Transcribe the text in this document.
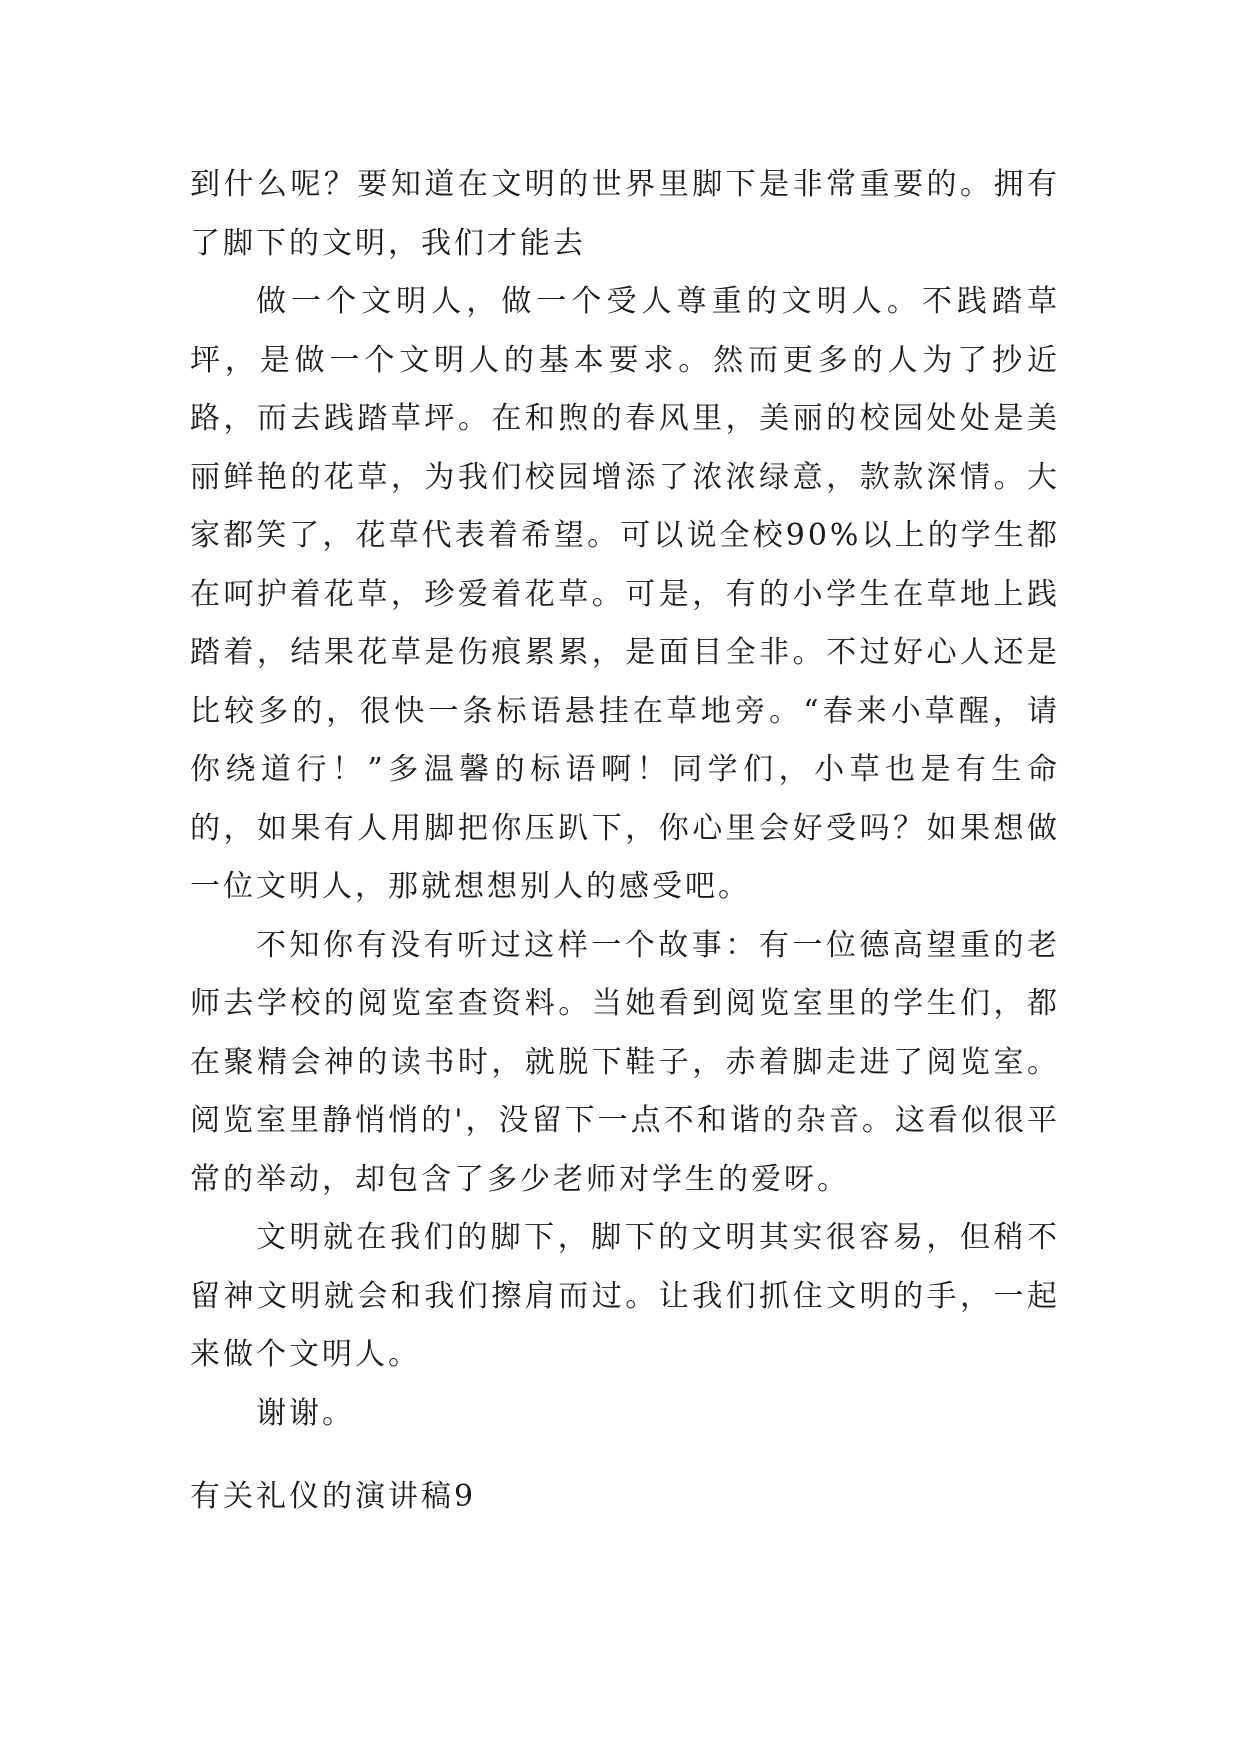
到什么呢？要知道在文明的世界里脚下是非常重要的。拥有了脚下的文明，我们才能去

做一个文明人，做一个受人尊重的文明人。不践踏草坪，是做一个文明人的基本要求。然而更多的人为了抄近路，而去践踏草坪。在和煦的春风里，美丽的校园处处是美丽鲜艳的花草，为我们校园增添了浓浓绿意，款款深情。大家都笑了，花草代表着希望。可以说全校90%以上的学生都在呵护着花草，珍爱着花草。可是，有的小学生在草地上践踏着，结果花草是伤痕累累，是面目全非。不过好心人还是比较多的，很快一条标语悬挂在草地旁。“春来小草醒，请你绕道行！”多温馨的标语啊！同学们，小草也是有生命的，如果有人用脚把你压趴下，你心里会好受吗？如果想做一位文明人，那就想想别人的感受吧。

不知你有没有听过这样一个故事：有一位德高望重的老师去学校的阅览室查资料。当她看到阅览室里的学生们，都在聚精会神的读书时，就脱下鞋子，赤着脚走进了阅览室。阅览室里静悄悄的'，没留下一点不和谐的杂音。这看似很平常的举动，却包含了多少老师对学生的爱呀。

文明就在我们的脚下，脚下的文明其实很容易，但稍不留神文明就会和我们擦肩而过。让我们抓住文明的手，一起来做个文明人。

谢谢。

有关礼仪的演讲稿9
